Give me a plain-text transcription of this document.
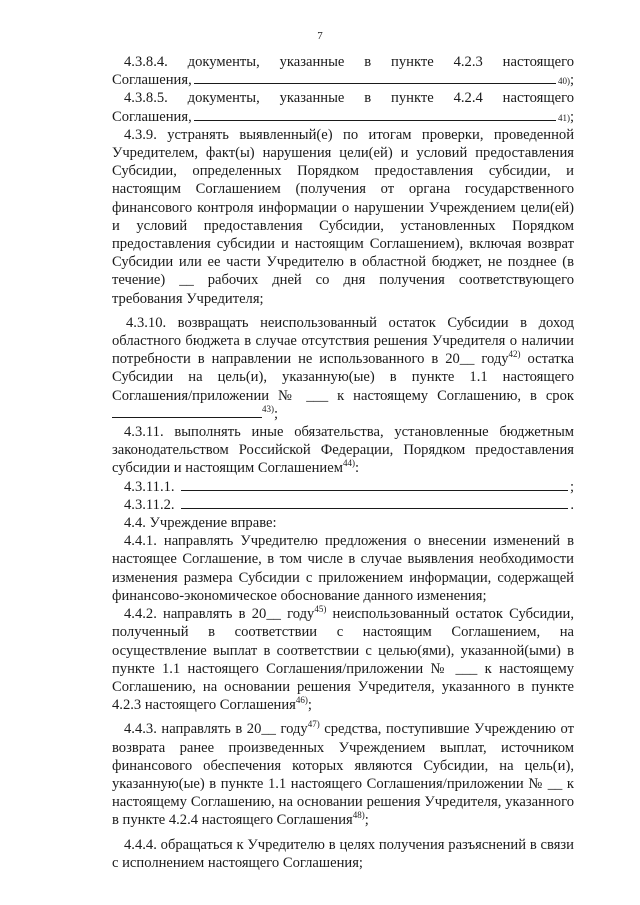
7
4.3.8.4. документы, указанные в пункте 4.2.3 настоящего
Соглашения,	40) ;
4.3.8.5. документы, указанные в пункте 4.2.4 настоящего
Соглашения,	41) ;
4.3.9. устранять выявленный(е) по итогам проверки, проведенной Учредителем, факт(ы) нарушения цели(ей) и условий предоставления Субсидии, определенных Порядком предоставления субсидии, и настоящим Соглашением (получения от органа государственного финансового контроля информации о нарушении Учреждением цели(ей) и условий предоставления Субсидии, установленных Порядком предоставления субсидии и настоящим Соглашением), включая возврат Субсидии или ее части Учредителю в областной бюджет, не позднее (в течение) __ рабочих дней со дня получения соответствующего требования Учредителя;
4.3.10. возвращать неиспользованный остаток Субсидии в доход областного бюджета в случае отсутствия решения Учредителя о наличии потребности в направлении не использованного в 20__ году$^{42)}$ остатка Субсидии на цель(и), указанную(ые) в пункте 1.1 настоящего Соглашения/приложении № ___ к настоящему Соглашению, в срок $^{43)}$;
4.3.11. выполнять иные обязательства, установленные бюджетным законодательством Российской Федерации, Порядком предоставления субсидии и настоящим Соглашением$^{44)}$:
4.3.11.1.	;
4.3.11.2.	.
4.4. Учреждение вправе:
4.4.1. направлять Учредителю предложения о внесении изменений в настоящее Соглашение, в том числе в случае выявления необходимости изменения размера Субсидии с приложением информации, содержащей финансово-экономическое обоснование данного изменения;
4.4.2. направлять в 20__ году$^{45)}$ неиспользованный остаток Субсидии, полученный в соответствии с настоящим Соглашением, на осуществление выплат в соответствии с целью(ями), указанной(ыми) в пункте 1.1 настоящего Соглашения/приложении № ___ к настоящему Соглашению, на основании решения Учредителя, указанного в пункте 4.2.3 настоящего Соглашения$^{46)}$;
4.4.3. направлять в 20__ году$^{47)}$ средства, поступившие Учреждению от возврата ранее произведенных Учреждением выплат, источником финансового обеспечения которых являются Субсидии, на цель(и), указанную(ые) в пункте 1.1 настоящего Соглашения/приложении № __ к настоящему Соглашению, на основании решения Учредителя, указанного в пункте 4.2.4 настоящего Соглашения$^{48)}$;
4.4.4. обращаться к Учредителю в целях получения разъяснений в связи с исполнением настоящего Соглашения;
